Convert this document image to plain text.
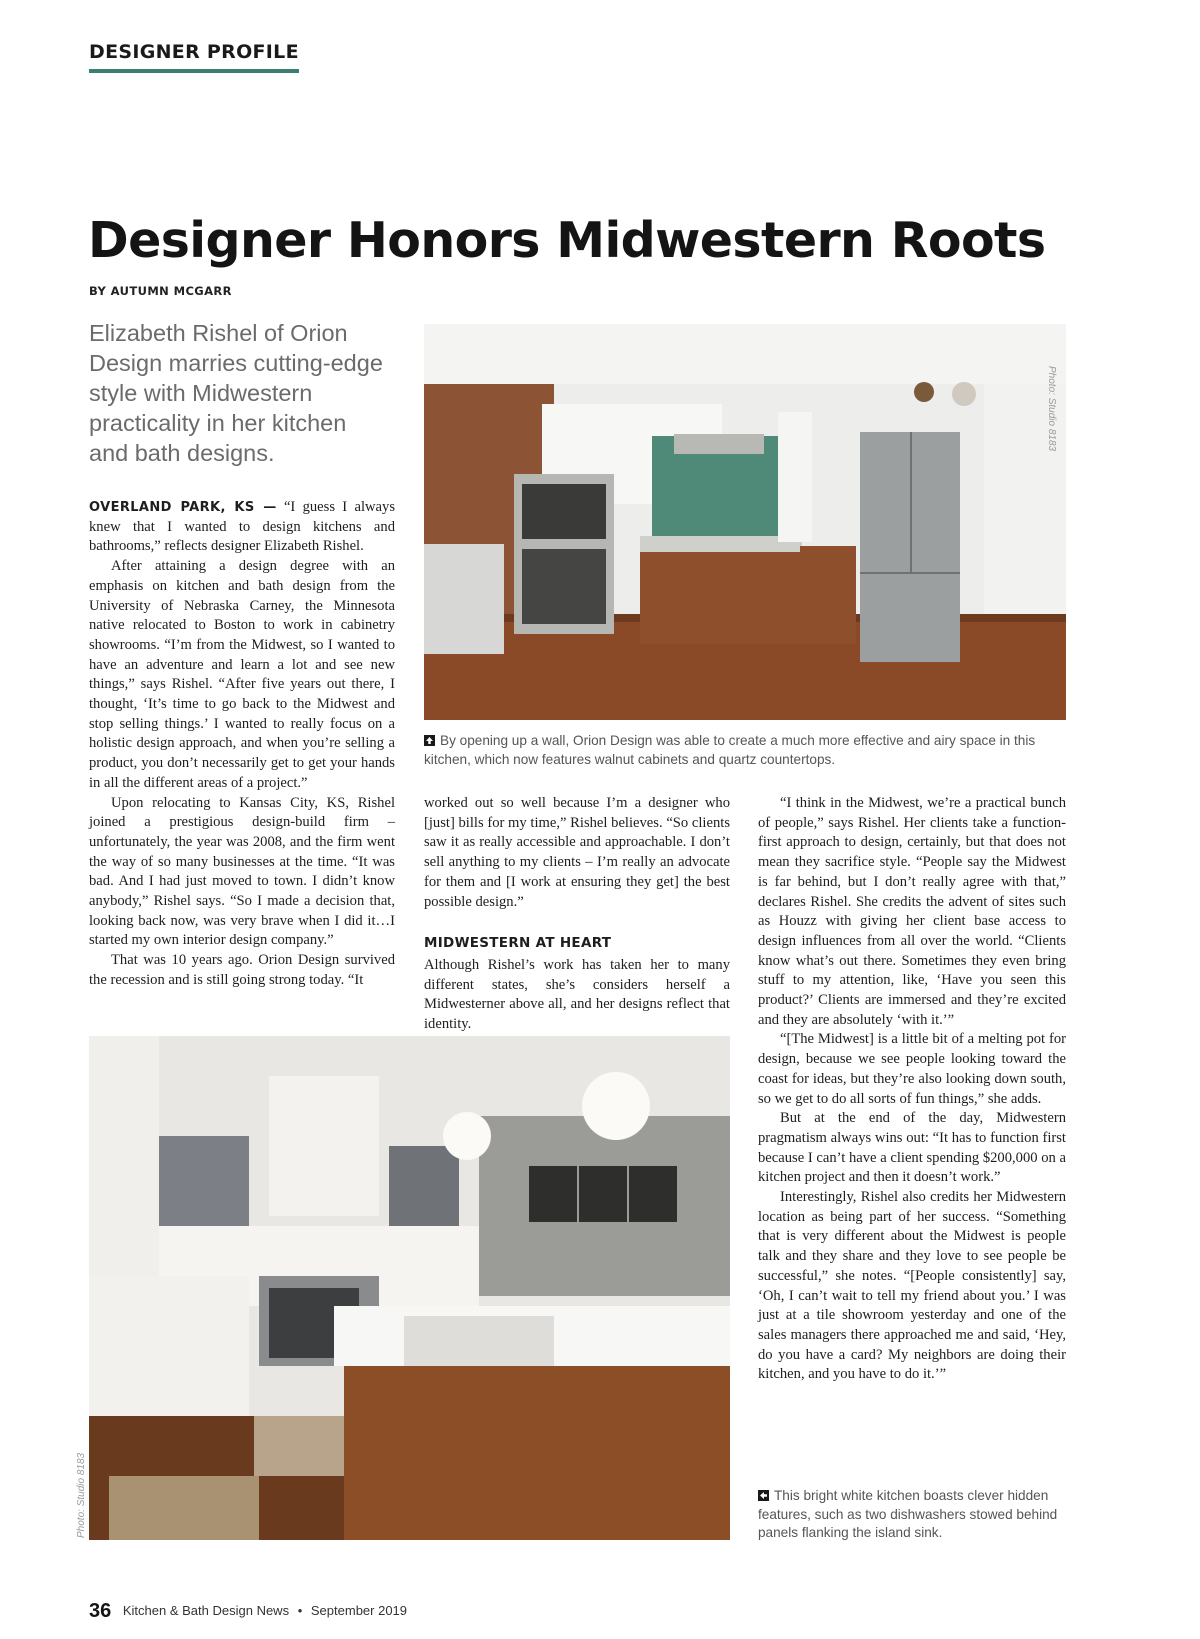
DESIGNER PROFILE
Designer Honors Midwestern Roots
BY AUTUMN MCGARR

Elizabeth Rishel of Orion Design marries cutting-edge style with Midwestern practicality in her kitchen and bath designs.

Photo: Studio 8183
By opening up a wall, Orion Design was able to create a much more effective and airy space in this kitchen, which now features walnut cabinets and quartz countertops.

OVERLAND PARK, KS — “I guess I always knew that I wanted to design kitchens and bathrooms,” reflects designer Elizabeth Rishel.

After attaining a design degree with an emphasis on kitchen and bath design from the University of Nebraska Carney, the Minnesota native relocated to Boston to work in cabinetry showrooms. “I’m from the Midwest, so I wanted to have an adventure and learn a lot and see new things,” says Rishel. “After five years out there, I thought, ‘It’s time to go back to the Midwest and stop selling things.’ I wanted to really focus on a holistic design approach, and when you’re selling a product, you don’t necessarily get to get your hands in all the different areas of a project.”

Upon relocating to Kansas City, KS, Rishel joined a prestigious design-build firm – unfortunately, the year was 2008, and the firm went the way of so many businesses at the time. “It was bad. And I had just moved to town. I didn’t know anybody,” Rishel says. “So I made a decision that, looking back now, was very brave when I did it…I started my own interior design company.”

That was 10 years ago. Orion Design survived the recession and is still going strong today. “It

worked out so well because I’m a designer who [just] bills for my time,” Rishel believes. “So clients saw it as really accessible and approachable. I don’t sell anything to my clients – I’m really an advocate for them and [I work at ensuring they get] the best possible design.”

MIDWESTERN AT HEART

Although Rishel’s work has taken her to many different states, she’s considers herself a Midwesterner above all, and her designs reflect that identity.

“I think in the Midwest, we’re a practical bunch of people,” says Rishel. Her clients take a function-first approach to design, certainly, but that does not mean they sacrifice style. “People say the Midwest is far behind, but I don’t really agree with that,” declares Rishel. She credits the advent of sites such as Houzz with giving her client base access to design influences from all over the world. “Clients know what’s out there. Sometimes they even bring stuff to my attention, like, ‘Have you seen this product?’ Clients are immersed and they’re excited and they are absolutely ‘with it.’”

“[The Midwest] is a little bit of a melting pot for design, because we see people looking toward the coast for ideas, but they’re also looking down south, so we get to do all sorts of fun things,” she adds.

But at the end of the day, Midwestern pragmatism always wins out: “It has to function first because I can’t have a client spending $200,000 on a kitchen project and then it doesn’t work.”

Interestingly, Rishel also credits her Midwestern location as being part of her success. “Something that is very different about the Midwest is people talk and they share and they love to see people be successful,” she notes. “[People consistently] say, ‘Oh, I can’t wait to tell my friend about you.’ I was just at a tile showroom yesterday and one of the sales managers there approached me and said, ‘Hey, do you have a card? My neighbors are doing their kitchen, and you have to do it.’”

Photo: Studio 8183	This bright white kitchen boasts clever hidden features, such as two dishwashers stowed behind panels flanking the island sink.
36 Kitchen & Bath Design News • September 2019
